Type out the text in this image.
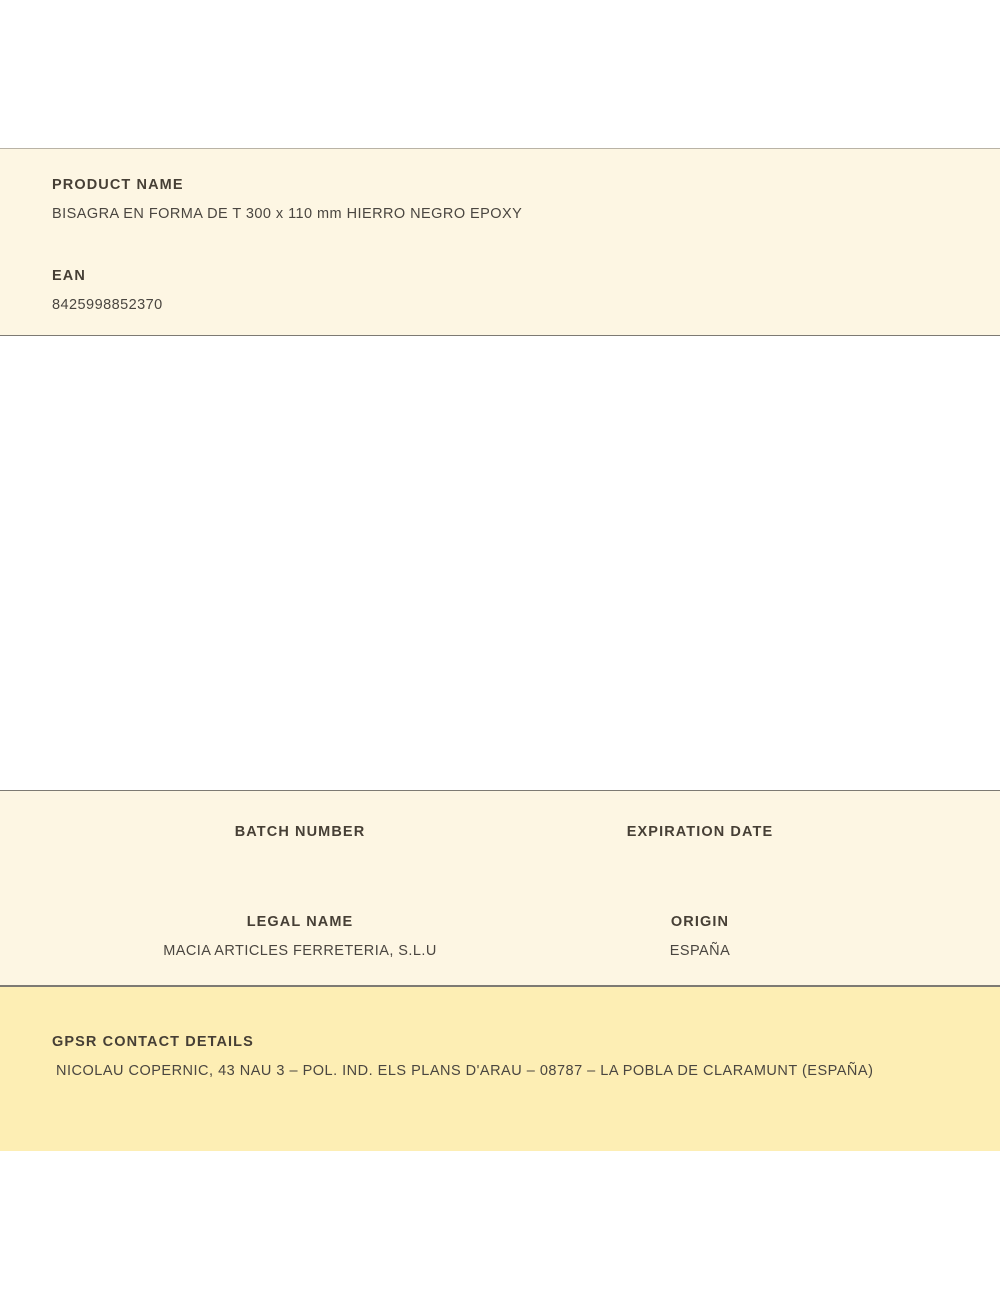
PRODUCT NAME
BISAGRA EN FORMA DE T 300 x 110 mm HIERRO NEGRO EPOXY
EAN
8425998852370
BATCH NUMBER	EXPIRATION DATE
LEGAL NAME
MACIA ARTICLES FERRETERIA, S.L.U
ORIGIN
ESPAÑA
GPSR CONTACT DETAILS
NICOLAU COPERNIC, 43 NAU 3 – POL. IND. ELS PLANS D'ARAU – 08787 – LA POBLA DE CLARAMUNT (ESPAÑA)
